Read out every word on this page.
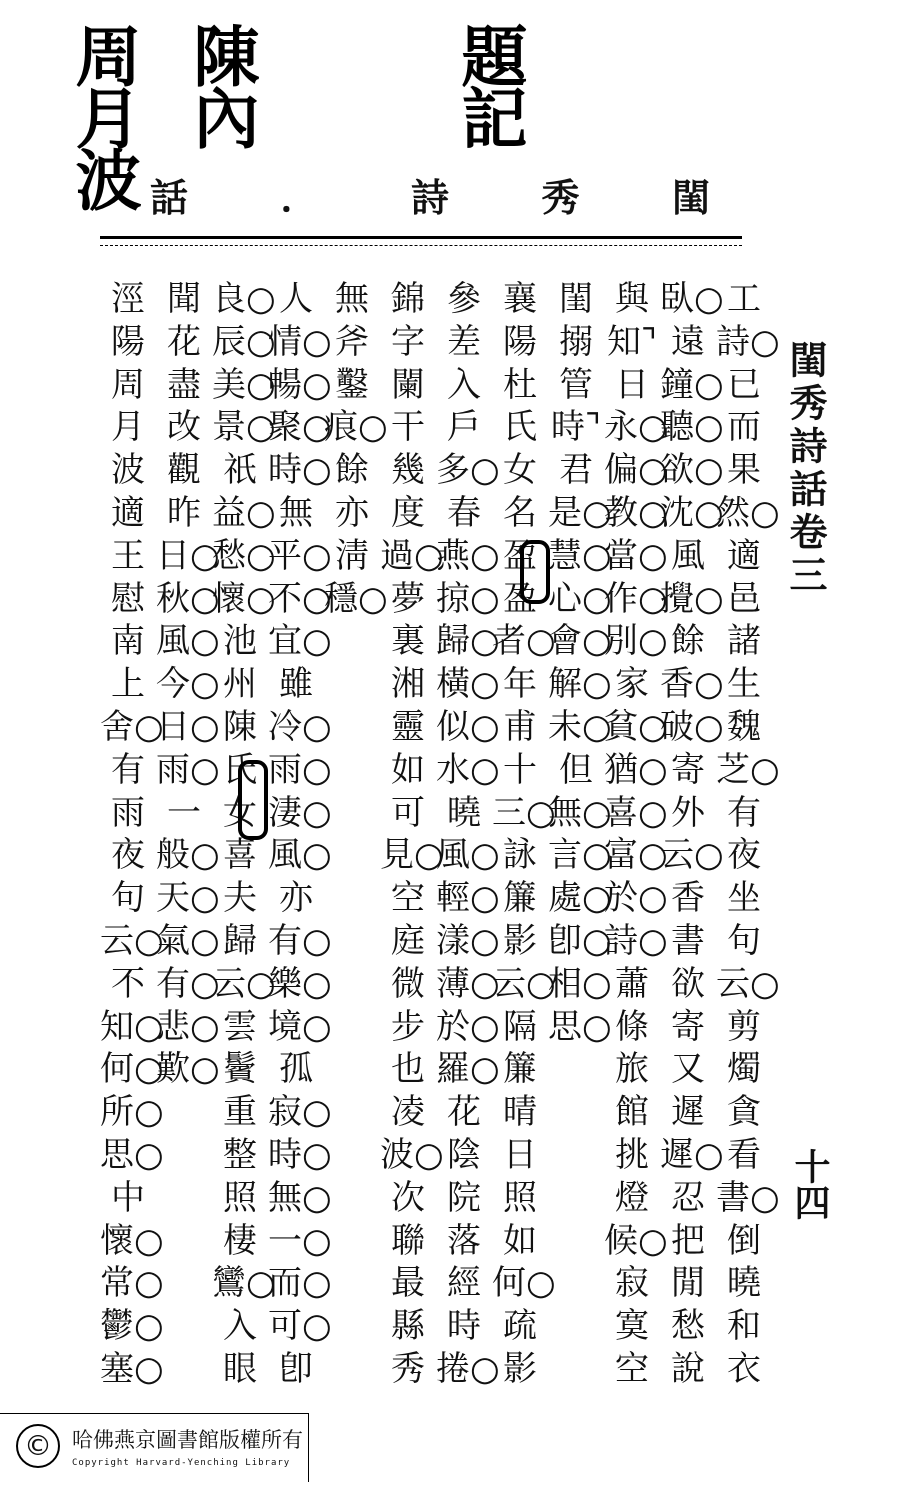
周月波 陳內	題記
閨
秀
詩
．
話
工
詩○
已
而
果
然○
適
邑
諸
生
魏
芝○
有
夜
坐
句
云○
剪
燭
貪
看
書○
倒
曉
和
衣
臥○
遠
鐘○
聽○
欲○
沈○
風
攪○
餘
香○
破○
寄
外
云○
香
書
欲
寄
又
遲
遲○
忍
把
閒
愁
說
與
知⌝
日
永○
偏○
教○
當○
作○
別○
家
貧○
猶○
喜○
富○
於○
詩○
蕭
條
旅
館
挑
燈
候○
寂
寞
空
閨
搦
管
時⌝
君
是○
慧○
心○
會○
解○
未○
但
無○
言○
處○
卽○
相○
思○
襄
陽
杜
氏
女
名
盈
盈
者○
年
甫
十
三○
詠
簾
影
云○
隔
簾
晴
日
照
如
何○
疏
影
參
差
入
戶
多○
春
燕○
掠○
歸○
橫○
似○
水○
曉
風○
輕○
漾○
薄○
於○
羅○
花
陰
院
落
經
時
捲○
錦
字
闌
干
幾
度
過○
夢
裏
湘
靈
如
可
見○
空
庭
微
步
也
凌
波○
次
聯
最
縣
秀
無
斧
鑿
痕○
餘
亦
淸
穩○
人
情○
暢○
聚○
時○
無
平○
不○
宜○
雖
冷○
雨○
淒○
風○
亦
有○
樂○
境○
孤
寂○
時○
無○
一○
而○
可○
卽
良○
辰○
美○
景○
祇
益○
愁○
懷○
池
州
陳
氏
女
喜
夫
歸
云○
雲
鬢
重
整
照
棲
鸞○
入
眼
聞
花
盡
改
觀
昨
日○
秋○
風○
今○
日○
雨○
一
般○
天○
氣○
有○
悲○
歎○
涇
陽
周
月
波
適
王
慰
南
上
舍○
有
雨
夜
句
云○
不
知○
何○
所○
思○
中
懷○
常○
鬱○
塞○
閨秀詩話卷三
十四
© 哈佛燕京圖書館版權所有
Copyright Harvard-Yenching Library
